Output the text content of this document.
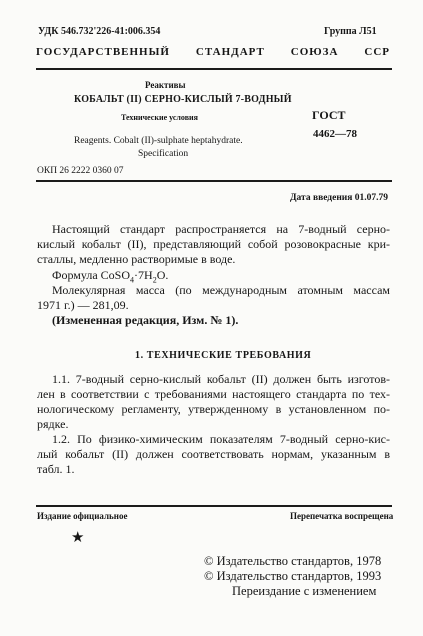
УДК 546.732'226-41:006.354	Группа Л51
ГОСУДАРСТВЕННЫЙ СТАНДАРТ СОЮЗА ССР
Реактивы
КОБАЛЬТ (II) СЕРНО-КИСЛЫЙ 7-ВОДНЫЙ
Технические условия	ГОСТ
4462—78
Reagents. Cobalt (II)-sulphate heptahydrate.
Specification
ОКП 26 2222 0360 07
Дата введения 01.07.79
Настоящий стандарт распространяется на 7-водный серно-
кислый кобальт (II), представляющий собой розовокрасные кри-
сталлы, медленно растворимые в воде.
Формула $CoSO_4\cdot 7H_2O$.
Молекулярная масса (по международным атомным массам
1971 г.) — 281,09.
(Измененная редакция, Изм. № 1).
1. ТЕХНИЧЕСКИЕ ТРЕБОВАНИЯ
1.1. 7-водный серно-кислый кобальт (II) должен быть изготов-
лен в соответствии с требованиями настоящего стандарта по тех-
нологическому регламенту, утвержденному в установленном по-
рядке.
1.2. По физико-химическим показателям 7-водный серно-кис-
лый кобальт (II) должен соответствовать нормам, указанным в
табл. 1.
Издание официальное	Перепечатка воспрещена
★
© Издательство стандартов, 1978
© Издательство стандартов, 1993
Переиздание с изменением
